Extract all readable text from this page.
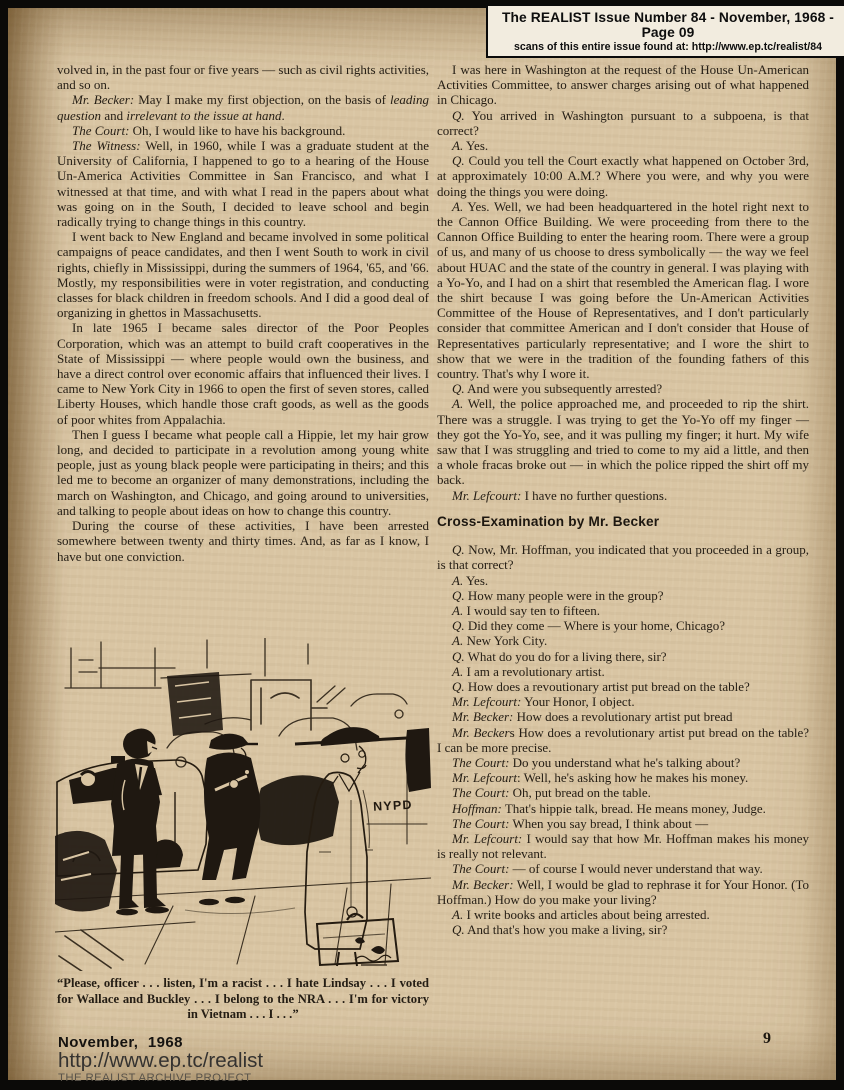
The REALIST Issue Number 84 - November, 1968 - Page 09
scans of this entire issue found at: http://www.ep.tc/realist/84

volved in, in the past four or five years — such as civil rights activities, and so on.

Mr. Becker: May I make my first objection, on the basis of leading question and irrelevant to the issue at hand.

The Court: Oh, I would like to have his background.

The Witness: Well, in 1960, while I was a graduate student at the University of California, I happened to go to a hearing of the House Un-America Activities Committee in San Francisco, and what I witnessed at that time, and with what I read in the papers about what was going on in the South, I decided to leave school and begin radically trying to change things in this country.

I went back to New England and became involved in some political campaigns of peace candidates, and then I went South to work in civil rights, chiefly in Mississippi, during the summers of 1964, '65, and '66. Mostly, my responsibilities were in voter registration, and conducting classes for black children in freedom schools. And I did a good deal of organizing in ghettos in Massachusetts.

In late 1965 I became sales director of the Poor Peoples Corporation, which was an attempt to build craft cooperatives in the State of Mississippi — where people would own the business, and have a direct control over economic affairs that influenced their lives. I came to New York City in 1966 to open the first of seven stores, called Liberty Houses, which handle those craft goods, as well as the goods of poor whites from Appalachia.

Then I guess I became what people call a Hippie, let my hair grow long, and decided to participate in a revolution among young white people, just as young black people were participating in theirs; and this led me to become an organizer of many demonstrations, including the march on Washington, and Chicago, and going around to universities, and talking to people about ideas on how to change this country.

During the course of these activities, I have been arrested somewhere between twenty and thirty times. And, as far as I know, I have but one conviction.

I was here in Washington at the request of the House Un-American Activities Committee, to answer charges arising out of what happened in Chicago.

Q. You arrived in Washington pursuant to a subpoena, is that correct?

A. Yes.

Q. Could you tell the Court exactly what happened on October 3rd, at approximately 10:00 A.M.? Where you were, and why you were doing the things you were doing.

A. Yes. Well, we had been headquartered in the hotel right next to the Cannon Office Building. We were proceeding from there to the Cannon Office Building to enter the hearing room. There were a group of us, and many of us choose to dress symbolically — the way we feel about HUAC and the state of the country in general. I was playing with a Yo-Yo, and I had on a shirt that resembled the American flag. I wore the shirt because I was going before the Un-American Activities Committee of the House of Representatives, and I don't particularly consider that committee American and I don't consider that House of Representatives particularly representative; and I wore the shirt to show that we were in the tradition of the founding fathers of this country. That's why I wore it.

Q. And were you subsequently arrested?

A. Well, the police approached me, and proceeded to rip the shirt. There was a struggle. I was trying to get the Yo-Yo off my finger — they got the Yo-Yo, see, and it was pulling my finger; it hurt. My wife saw that I was struggling and tried to come to my aid a little, and then a whole fracas broke out — in which the police ripped the shirt off my back.

Mr. Lefcourt: I have no further questions.

Cross-Examination by Mr. Becker

Q. Now, Mr. Hoffman, you indicated that you proceeded in a group, is that correct?

A. Yes.

Q. How many people were in the group?

A. I would say ten to fifteen.

Q. Did they come — Where is your home, Chicago?

A. New York City.

Q. What do you do for a living there, sir?

A. I am a revolutionary artist.

Q. How does a revoutionary artist put bread on the table?

Mr. Lefcourt: Your Honor, I object.

Mr. Becker: How does a revolutionary artist put bread

Mr. Beckers How does a revolutionary artist put bread on the table? I can be more precise.

The Court: Do you understand what he's talking about?

Mr. Lefcourt: Well, he's asking how he makes his money.

The Court: Oh, put bread on the table.

Hoffman: That's hippie talk, bread. He means money, Judge.

The Court: When you say bread, I think about —

Mr. Lefcourt: I would say that how Mr. Hoffman makes his money is really not relevant.

The Court: — of course I would never understand that way.

Mr. Becker: Well, I would be glad to rephrase it for Your Honor. (To Hoffman.) How do you make your living?

A. I write books and articles about being arrested.

Q. And that's how you make a living, sir?

NYPD
“Please, officer . . . listen, I'm a racist . . . I hate Lindsay . . . I voted for Wallace and Buckley . . . I belong to the NRA . . . I'm for victory in Vietnam . . . I . . .”
9
November, 1968
http://www.ep.tc/realist
THE REALIST ARCHIVE PROJECT
